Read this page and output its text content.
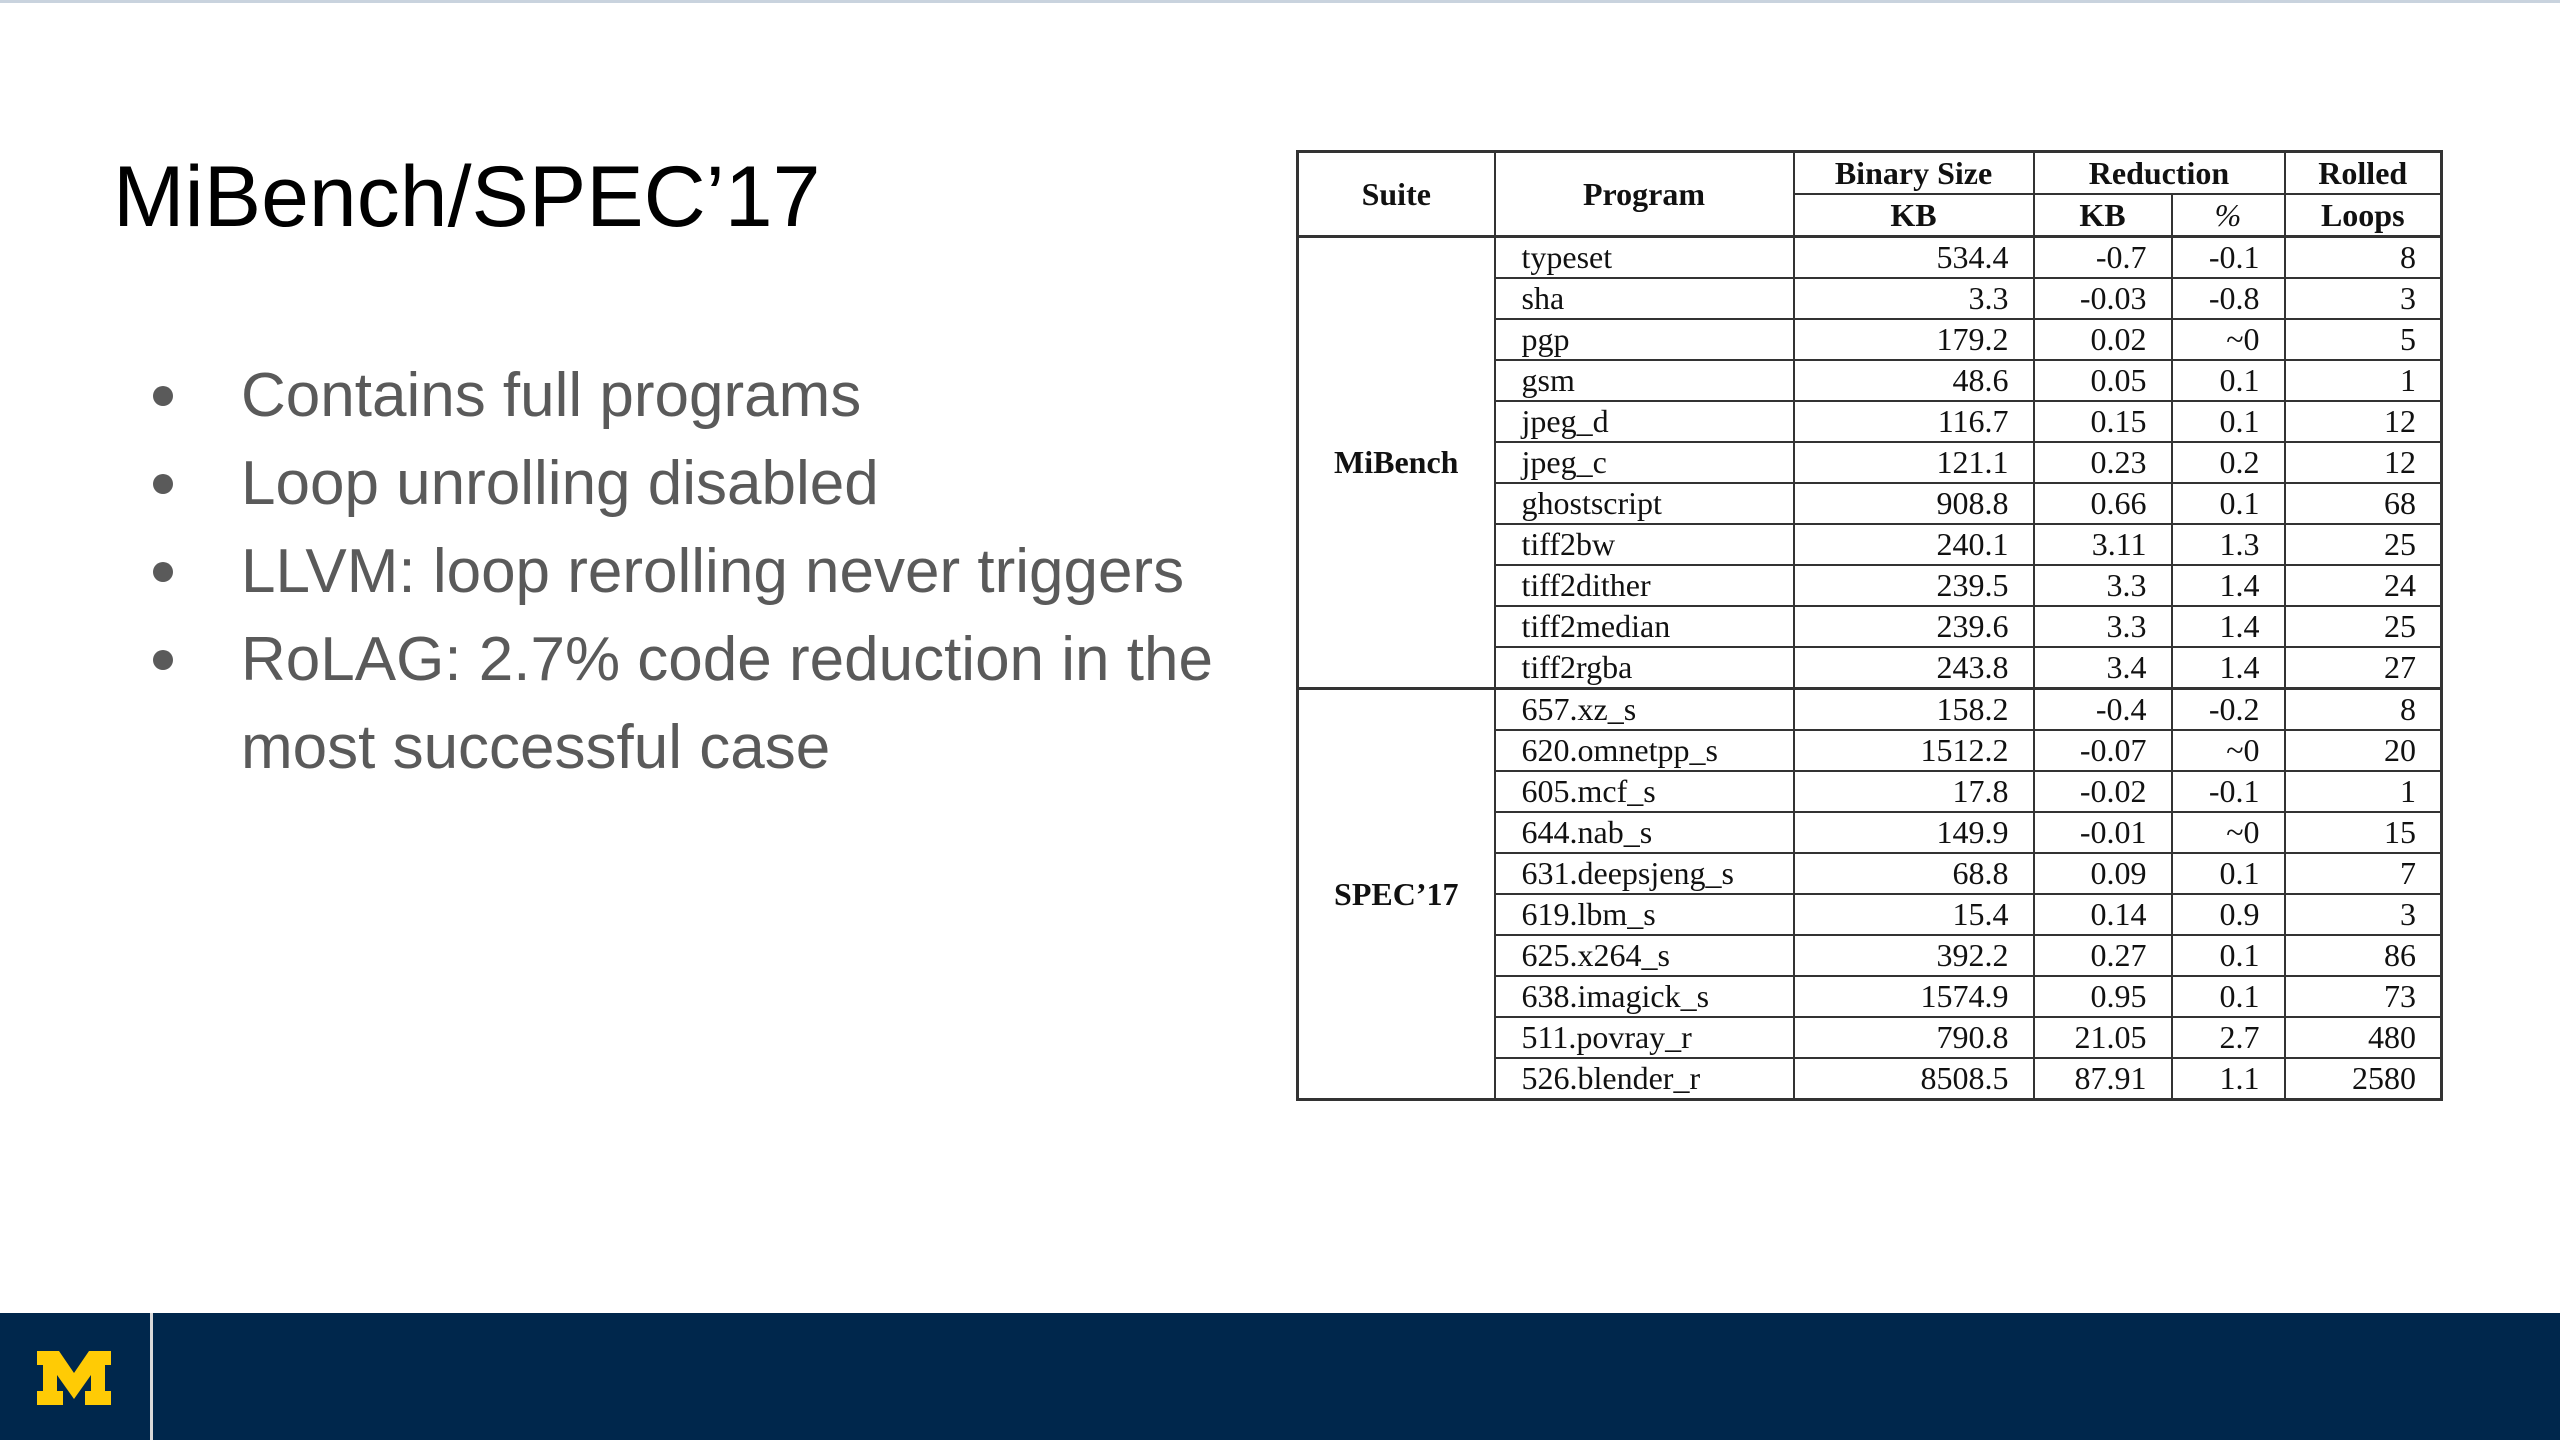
MiBench/SPEC’17
Contains full programs
Loop unrolling disabled
LLVM: loop rerolling never triggers
RoLAG: 2.7% code reduction in the most successful case
Suite	Program	Binary Size	Reduction		Rolled
		KB	KB	%	Loops
MiBench	typeset	534.4	-0.7	-0.1	8
	sha	3.3	-0.03	-0.8	3
	pgp	179.2	0.02	~0	5
	gsm	48.6	0.05	0.1	1
	jpeg_d	116.7	0.15	0.1	12
	jpeg_c	121.1	0.23	0.2	12
	ghostscript	908.8	0.66	0.1	68
	tiff2bw	240.1	3.11	1.3	25
	tiff2dither	239.5	3.3	1.4	24
	tiff2median	239.6	3.3	1.4	25
	tiff2rgba	243.8	3.4	1.4	27
SPEC’17	657.xz_s	158.2	-0.4	-0.2	8
	620.omnetpp_s	1512.2	-0.07	~0	20
	605.mcf_s	17.8	-0.02	-0.1	1
	644.nab_s	149.9	-0.01	~0	15
	631.deepsjeng_s	68.8	0.09	0.1	7
	619.lbm_s	15.4	0.14	0.9	3
	625.x264_s	392.2	0.27	0.1	86
	638.imagick_s	1574.9	0.95	0.1	73
	511.povray_r	790.8	21.05	2.7	480
	526.blender_r	8508.5	87.91	1.1	2580
